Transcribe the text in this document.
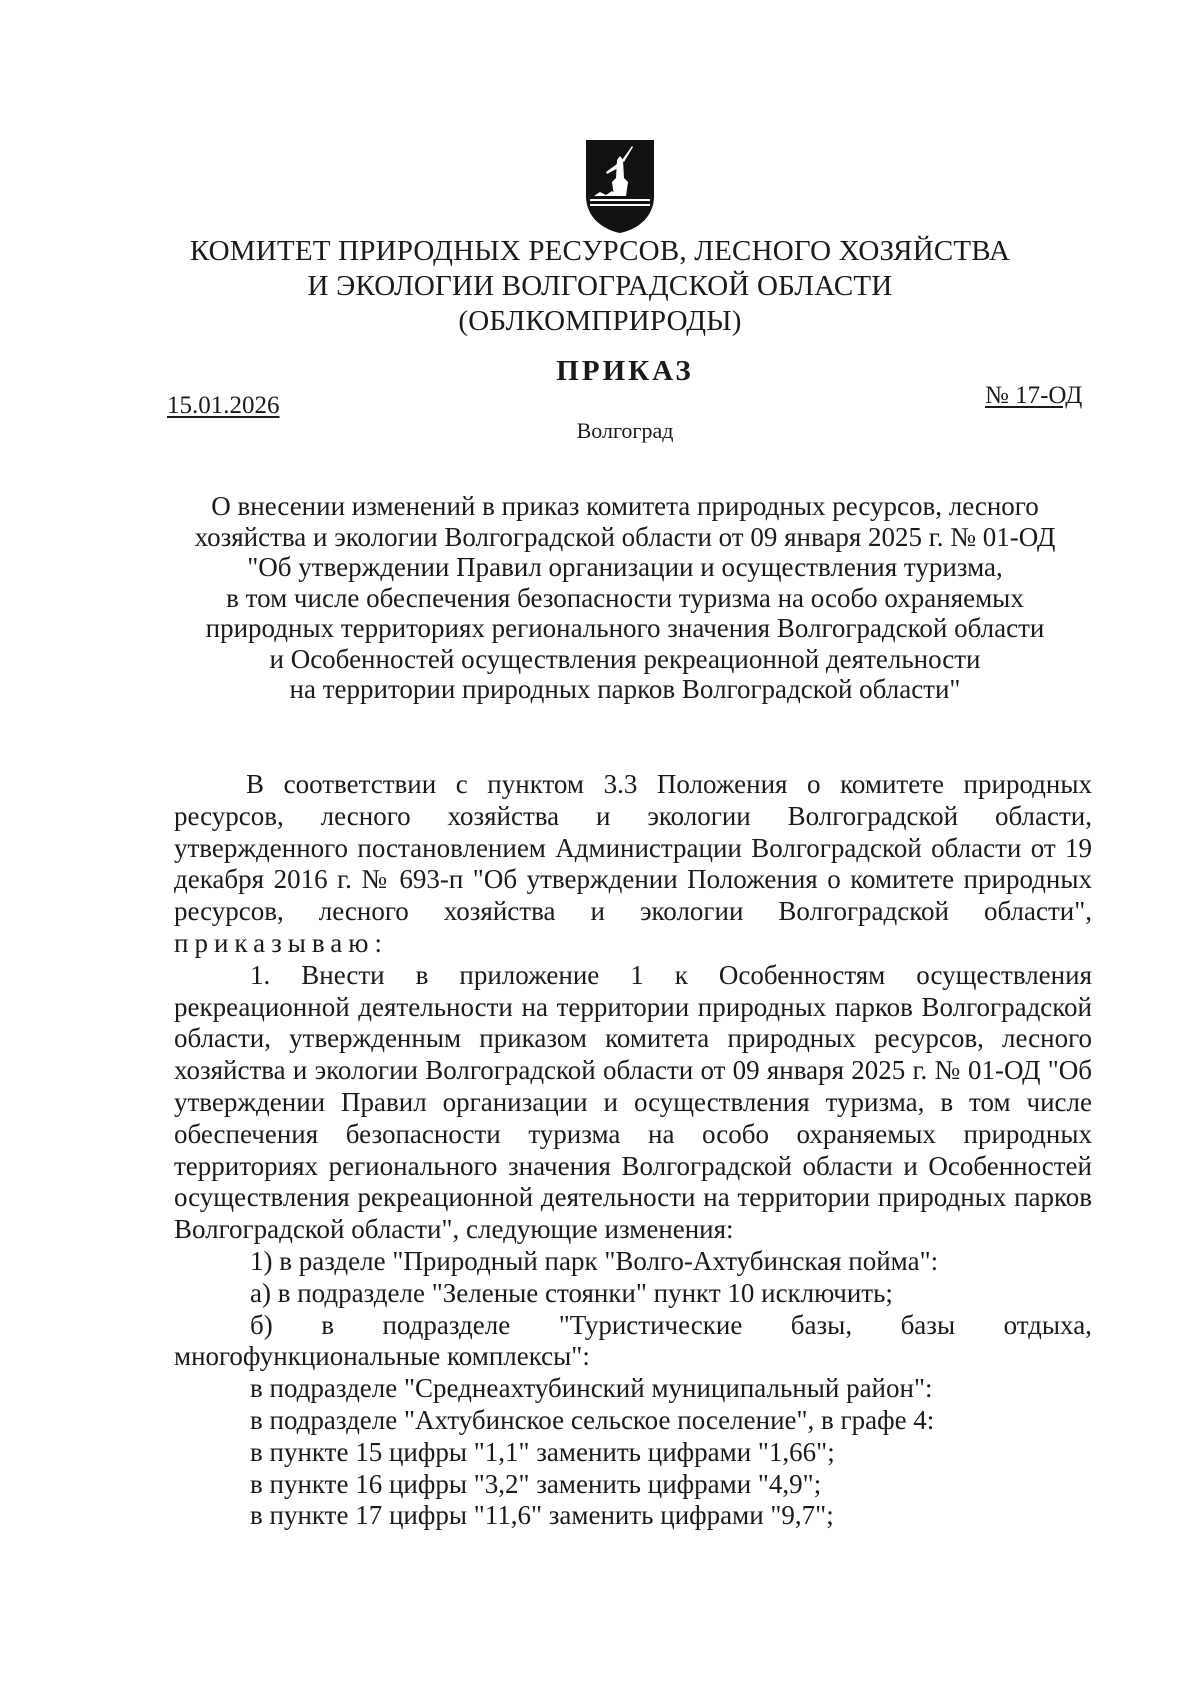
КОМИТЕТ ПРИРОДНЫХ РЕСУРСОВ, ЛЕСНОГО ХОЗЯЙСТВА
И ЭКОЛОГИИ ВОЛГОГРАДСКОЙ ОБЛАСТИ
(ОБЛКОМПРИРОДЫ)
ПРИКАЗ
15.01.2026	№ 17-ОД
Волгоград
О внесении изменений в приказ комитета природных ресурсов, лесного
хозяйства и экологии Волгоградской области от 09 января 2025 г. № 01-ОД
"Об утверждении Правил организации и осуществления туризма,
в том числе обеспечения безопасности туризма на особо охраняемых
природных территориях регионального значения Волгоградской области
и Особенностей осуществления рекреационной деятельности
на территории природных парков Волгоградской области"

В соответствии с пунктом 3.3 Положения о комитете природных ресурсов, лесного хозяйства и экологии Волгоградской области, утвержденного постановлением Администрации Волгоградской области от 19 декабря 2016 г. № 693-п "Об утверждении Положения о комитете природных ресурсов, лесного хозяйства и экологии Волгоградской области", приказываю:

1. Внести в приложение 1 к Особенностям осуществления рекреационной деятельности на территории природных парков Волгоградской области, утвержденным приказом комитета природных ресурсов, лесного хозяйства и экологии Волгоградской области от 09 января 2025 г. № 01-ОД "Об утверждении Правил организации и осуществления туризма, в том числе обеспечения безопасности туризма на особо охраняемых природных территориях регионального значения Волгоградской области и Особенностей осуществления рекреационной деятельности на территории природных парков Волгоградской области", следующие изменения:

1) в разделе "Природный парк "Волго-Ахтубинская пойма":

а) в подразделе "Зеленые стоянки" пункт 10 исключить;

б) в подразделе "Туристические базы, базы отдыха,

многофункциональные комплексы":

в подразделе "Среднеахтубинский муниципальный район":

в подразделе "Ахтубинское сельское поселение", в графе 4:

в пункте 15 цифры "1,1" заменить цифрами "1,66";

в пункте 16 цифры "3,2" заменить цифрами "4,9";

в пункте 17 цифры "11,6" заменить цифрами "9,7";
